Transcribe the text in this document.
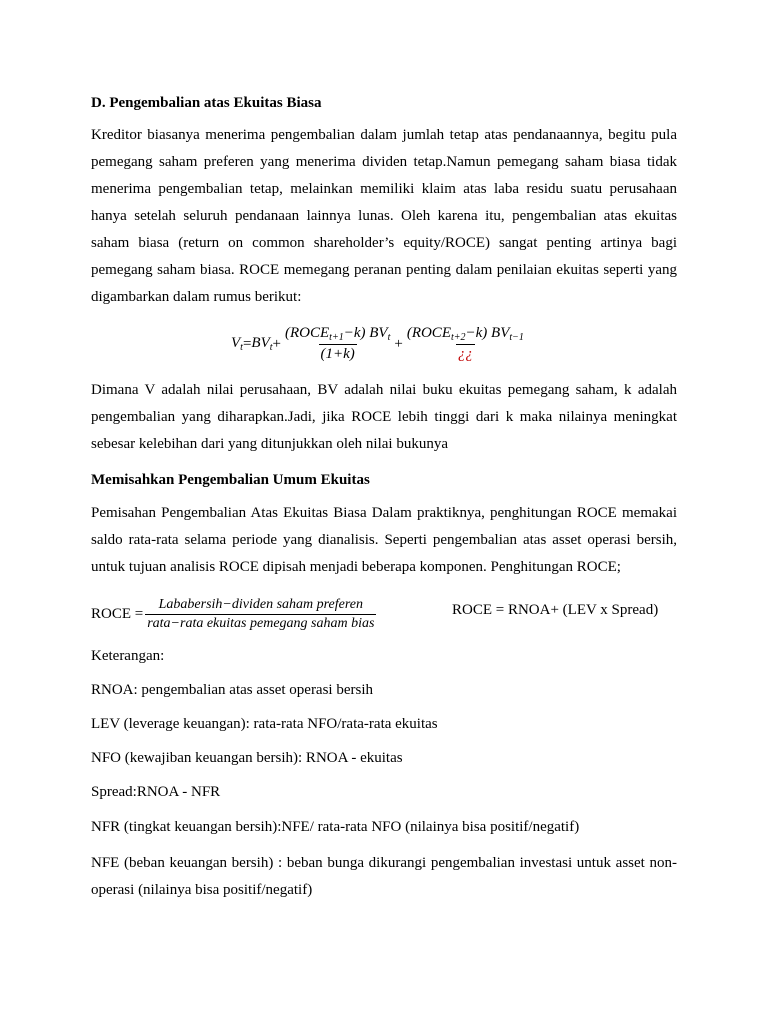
D. Pengembalian atas Ekuitas Biasa
Kreditor biasanya menerima pengembalian dalam jumlah tetap atas pendanaannya, begitu pula pemegang saham preferen yang menerima dividen tetap.Namun pemegang saham biasa tidak menerima pengembalian tetap, melainkan memiliki klaim atas laba residu suatu perusahaan hanya setelah seluruh pendanaan lainnya lunas. Oleh karena itu, pengembalian atas ekuitas saham biasa (return on common shareholder’s equity/ROCE) sangat penting artinya bagi pemegang saham biasa. ROCE memegang peranan penting dalam penilaian ekuitas seperti yang digambarkan dalam rumus berikut:
$V_t = BV_t + \frac{(ROCE_{t+1}-k) BV_t}{(1+k)} + \frac{(ROCE_{t+2}-k) BV_{t-1}}{¿¿}$
Dimana V adalah nilai perusahaan, BV adalah nilai buku ekuitas pemegang saham, k adalah pengembalian yang diharapkan.Jadi, jika ROCE lebih tinggi dari k maka nilainya meningkat sebesar kelebihan dari yang ditunjukkan oleh nilai bukunya
Memisahkan Pengembalian Umum Ekuitas
Pemisahan Pengembalian Atas Ekuitas Biasa Dalam praktiknya, penghitungan ROCE memakai saldo rata-rata selama periode yang dianalisis. Seperti pengembalian atas asset operasi bersih, untuk tujuan analisis ROCE dipisah menjadi beberapa komponen. Penghitungan ROCE;
ROCE = $\frac{\text{Lababersih−dividen saham preferen}}{\text{rata−rata ekuitas pemegang saham bias}}$	ROCE = RNOA+ (LEV x Spread)
Keterangan:
RNOA: pengembalian atas asset operasi bersih
LEV (leverage keuangan): rata-rata NFO/rata-rata ekuitas
NFO (kewajiban keuangan bersih): RNOA - ekuitas
Spread:RNOA - NFR
NFR (tingkat keuangan bersih):NFE/ rata-rata NFO (nilainya bisa positif/negatif)
NFE (beban keuangan bersih) : beban bunga dikurangi pengembalian investasi untuk asset non-operasi (nilainya bisa positif/negatif)
